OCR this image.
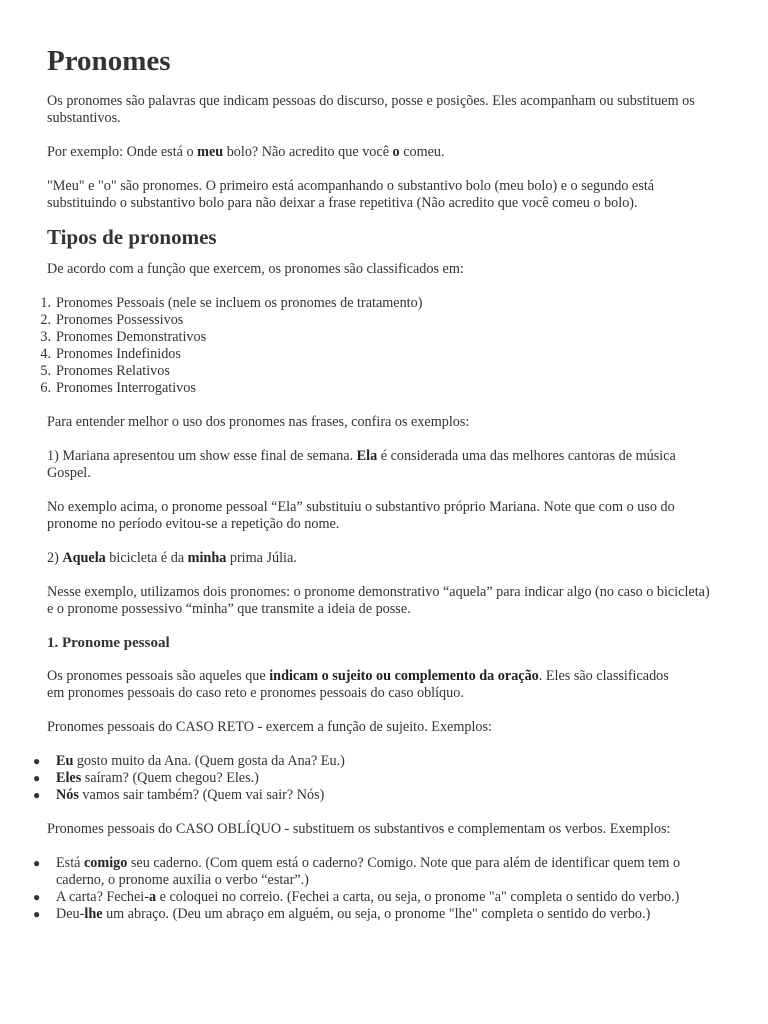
Pronomes

Os pronomes são palavras que indicam pessoas do discurso, posse e posições. Eles acompanham ou substituem os substantivos.

Por exemplo: Onde está o meu bolo? Não acredito que você o comeu.

"Meu" e "o" são pronomes. O primeiro está acompanhando o substantivo bolo (meu bolo) e o segundo está substituindo o substantivo bolo para não deixar a frase repetitiva (Não acredito que você comeu o bolo).

Tipos de pronomes

De acordo com a função que exercem, os pronomes são classificados em:

1. Pronomes Pessoais (nele se incluem os pronomes de tratamento)
2. Pronomes Possessivos
3. Pronomes Demonstrativos
4. Pronomes Indefinidos
5. Pronomes Relativos
6. Pronomes Interrogativos

Para entender melhor o uso dos pronomes nas frases, confira os exemplos:

1) Mariana apresentou um show esse final de semana. Ela é considerada uma das melhores cantoras de música Gospel.

No exemplo acima, o pronome pessoal “Ela” substituiu o substantivo próprio Mariana. Note que com o uso do pronome no período evitou-se a repetição do nome.

2) Aquela bicicleta é da minha prima Júlia.

Nesse exemplo, utilizamos dois pronomes: o pronome demonstrativo “aquela” para indicar algo (no caso o bicicleta) e o pronome possessivo “minha” que transmite a ideia de posse.

1. Pronome pessoal

Os pronomes pessoais são aqueles que indicam o sujeito ou complemento da oração. Eles são classificados em pronomes pessoais do caso reto e pronomes pessoais do caso oblíquo.

Pronomes pessoais do CASO RETO - exercem a função de sujeito. Exemplos:

● Eu gosto muito da Ana. (Quem gosta da Ana? Eu.)
● Eles saíram? (Quem chegou? Eles.)
● Nós vamos sair também? (Quem vai sair? Nós)

Pronomes pessoais do CASO OBLÍQUO - substituem os substantivos e complementam os verbos. Exemplos:

● Está comigo seu caderno. (Com quem está o caderno? Comigo. Note que para além de identificar quem tem o caderno, o pronome auxilia o verbo “estar”.)
● A carta? Fechei-a e coloquei no correio. (Fechei a carta, ou seja, o pronome "a" completa o sentido do verbo.)
● Deu-lhe um abraço. (Deu um abraço em alguém, ou seja, o pronome "lhe" completa o sentido do verbo.)
